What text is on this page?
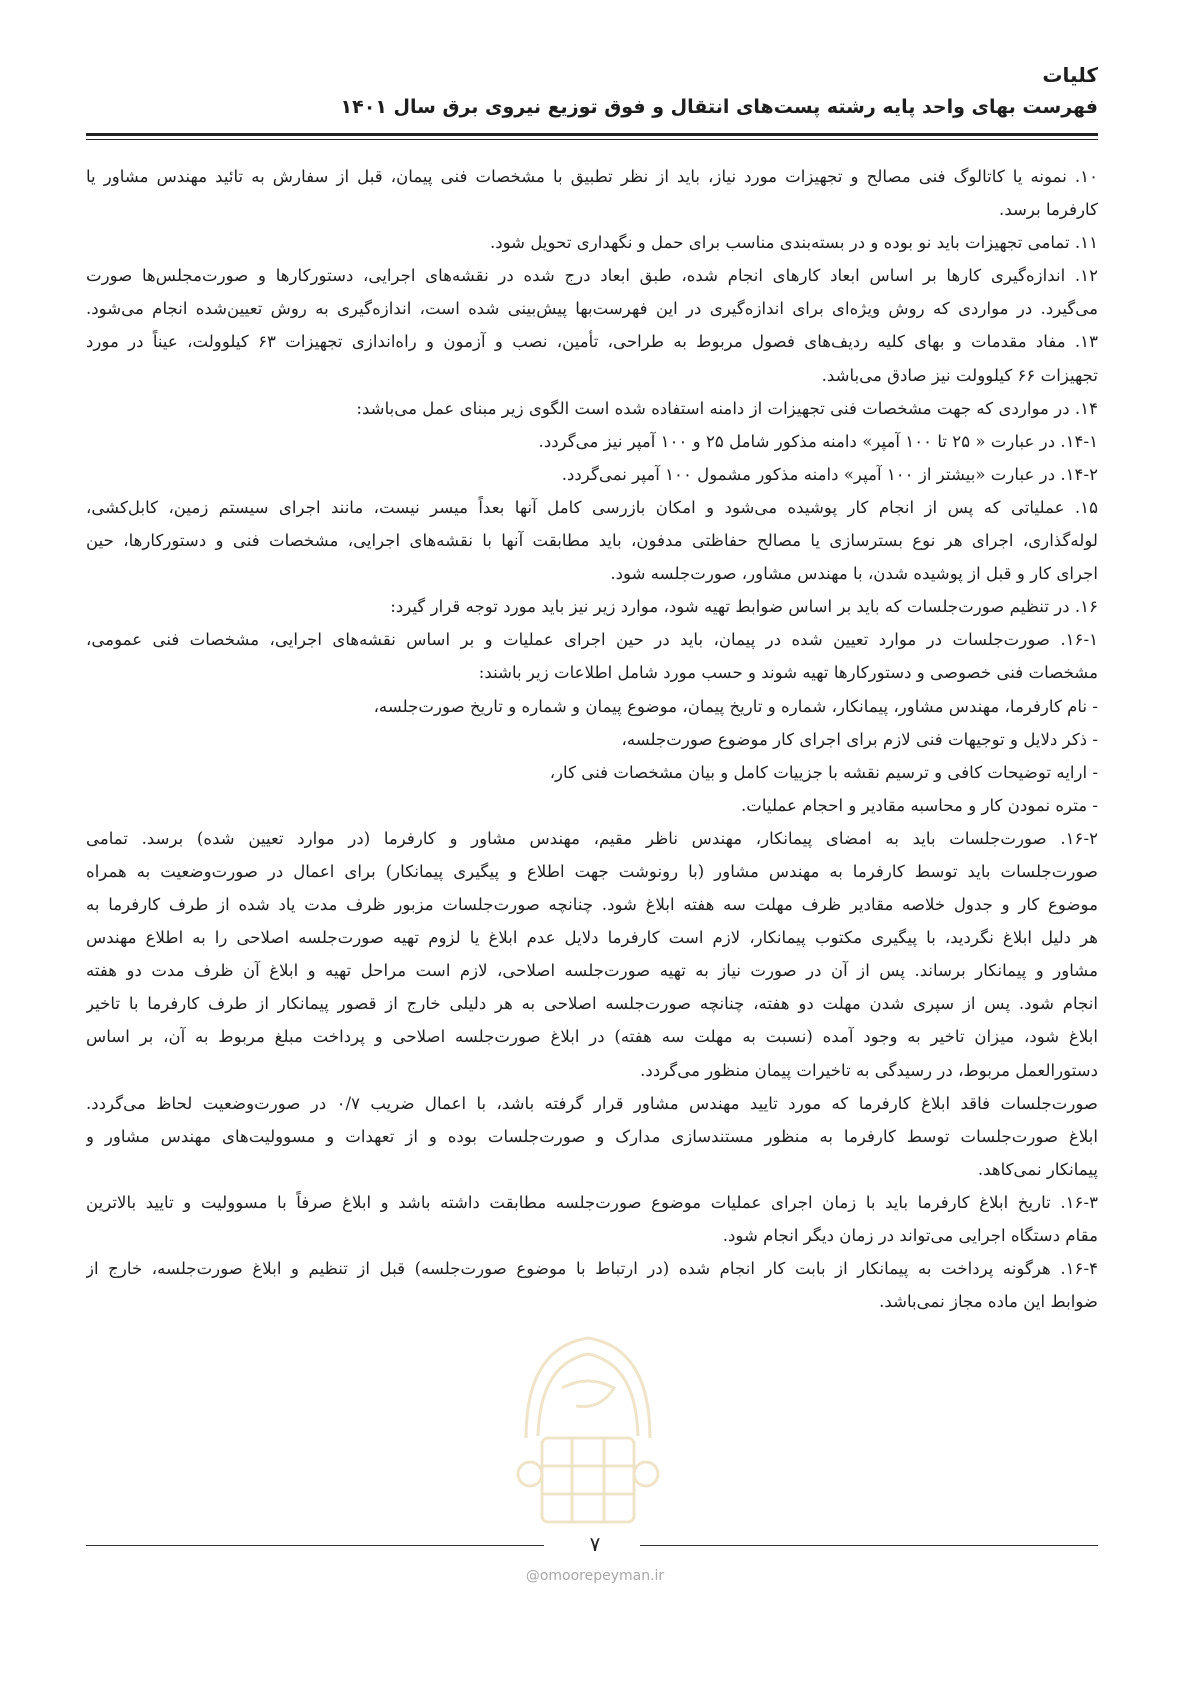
کلیات
فهرست بهای واحد پایه رشته پست‌های انتقال و فوق توزیع نیروی برق سال ۱۴۰۱
۱۰. نمونه یا کاتالوگ فنی مصالح و تجهیزات مورد نیاز، باید از نظر تطبیق با مشخصات فنی پیمان، قبل از سفارش به تائید مهندس مشاور یا
کارفرما برسد.
۱۱. تمامی تجهیزات باید نو بوده و در بسته‌بندی مناسب برای حمل و نگهداری تحویل شود.
۱۲. اندازه‌گیری کارها بر اساس ابعاد کارهای انجام شده، طبق ابعاد درج شده در نقشه‌های اجرایی، دستورکارها و صورت‌مجلس‌ها صورت
می‌گیرد. در مواردی که روش ویژه‌ای برای اندازه‌گیری در این فهرست‌بها پیش‌بینی شده است، اندازه‌گیری به روش تعیین‌شده انجام می‌شود.
۱۳. مفاد مقدمات و بهای کلیه ردیف‌های فصول مربوط به طراحی، تأمین، نصب و آزمون و راه‌اندازی تجهیزات ۶۳ کیلوولت، عیناً در مورد
تجهیزات ۶۶ کیلوولت نیز صادق می‌باشد.
۱۴. در مواردی که جهت مشخصات فنی تجهیزات از دامنه استفاده شده است الگوی زیر مبنای عمل می‌باشد:
۱۴-۱. در عبارت « ۲۵ تا ۱۰۰ آمپر» دامنه مذکور شامل ۲۵ و ۱۰۰ آمپر نیز می‌گردد.
۱۴-۲. در عبارت «بیشتر از ۱۰۰ آمپر» دامنه مذکور مشمول ۱۰۰ آمپر نمی‌گردد.
۱۵. عملیاتی که پس از انجام کار پوشیده می‌شود و امکان بازرسی کامل آنها بعداً میسر نیست، مانند اجرای سیستم زمین، کابل‌کشی،
لوله‌گذاری، اجرای هر نوع بسترسازی یا مصالح حفاظتی مدفون، باید مطابقت آنها با نقشه‌های اجرایی، مشخصات فنی و دستورکارها، حین
اجرای کار و قبل از پوشیده شدن، با مهندس مشاور، صورت‌جلسه شود.
۱۶. در تنظیم صورت‌جلسات که باید بر اساس ضوابط تهیه شود، موارد زیر نیز باید مورد توجه قرار گیرد:
۱۶-۱. صورت‌جلسات در موارد تعیین شده در پیمان، باید در حین اجرای عملیات و بر اساس نقشه‌های اجرایی، مشخصات فنی عمومی،
مشخصات فنی خصوصی و دستورکارها تهیه شوند و حسب مورد شامل اطلاعات زیر باشند:
- نام کارفرما، مهندس مشاور، پیمانکار، شماره و تاریخ پیمان، موضوع پیمان و شماره و تاریخ صورت‌جلسه،
- ذکر دلایل و توجیهات فنی لازم برای اجرای کار موضوع صورت‌جلسه،
- ارایه توضیحات کافی و ترسیم نقشه با جزییات کامل و بیان مشخصات فنی کار،
- متره نمودن کار و محاسبه مقادیر و احجام عملیات.
۱۶-۲. صورت‌جلسات باید به امضای پیمانکار، مهندس ناظر مقیم، مهندس مشاور و کارفرما (در موارد تعیین شده) برسد. تمامی
صورت‌جلسات باید توسط کارفرما به مهندس مشاور (با رونوشت جهت اطلاع و پیگیری پیمانکار) برای اعمال در صورت‌وضعیت به همراه
موضوع کار و جدول خلاصه مقادیر ظرف مهلت سه هفته ابلاغ شود. چنانچه صورت‌جلسات مزبور ظرف مدت یاد شده از طرف کارفرما به
هر دلیل ابلاغ نگردید، با پیگیری مکتوب پیمانکار، لازم است کارفرما دلایل عدم ابلاغ یا لزوم تهیه صورت‌جلسه اصلاحی را به اطلاع مهندس
مشاور و پیمانکار برساند. پس از آن در صورت نیاز به تهیه صورت‌جلسه اصلاحی، لازم است مراحل تهیه و ابلاغ آن ظرف مدت دو هفته
انجام شود. پس از سپری شدن مهلت دو هفته، چنانچه صورت‌جلسه اصلاحی به هر دلیلی خارج از قصور پیمانکار از طرف کارفرما با تاخیر
ابلاغ شود، میزان تاخیر به وجود آمده (نسبت به مهلت سه هفته) در ابلاغ صورت‌جلسه اصلاحی و پرداخت مبلغ مربوط به آن، بر اساس
دستورالعمل مربوط، در رسیدگی به تاخیرات پیمان منظور می‌گردد.
صورت‌جلسات فاقد ابلاغ کارفرما که مورد تایید مهندس مشاور قرار گرفته باشد، با اعمال ضریب ۰/۷ در صورت‌وضعیت لحاظ می‌گردد.
ابلاغ صورت‌جلسات توسط کارفرما به منظور مستندسازی مدارک و صورت‌جلسات بوده و از تعهدات و مسوولیت‌های مهندس مشاور و
پیمانکار نمی‌کاهد.
۱۶-۳. تاریخ ابلاغ کارفرما باید با زمان اجرای عملیات موضوع صورت‌جلسه مطابقت داشته باشد و ابلاغ صرفاً با مسوولیت و تایید بالاترین
مقام دستگاه اجرایی می‌تواند در زمان دیگر انجام شود.
۱۶-۴. هرگونه پرداخت به پیمانکار از بابت کار انجام شده (در ارتباط با موضوع صورت‌جلسه) قبل از تنظیم و ابلاغ صورت‌جلسه، خارج از
ضوابط این ماده مجاز نمی‌باشد.
۷
@omoorepeyman.ir
